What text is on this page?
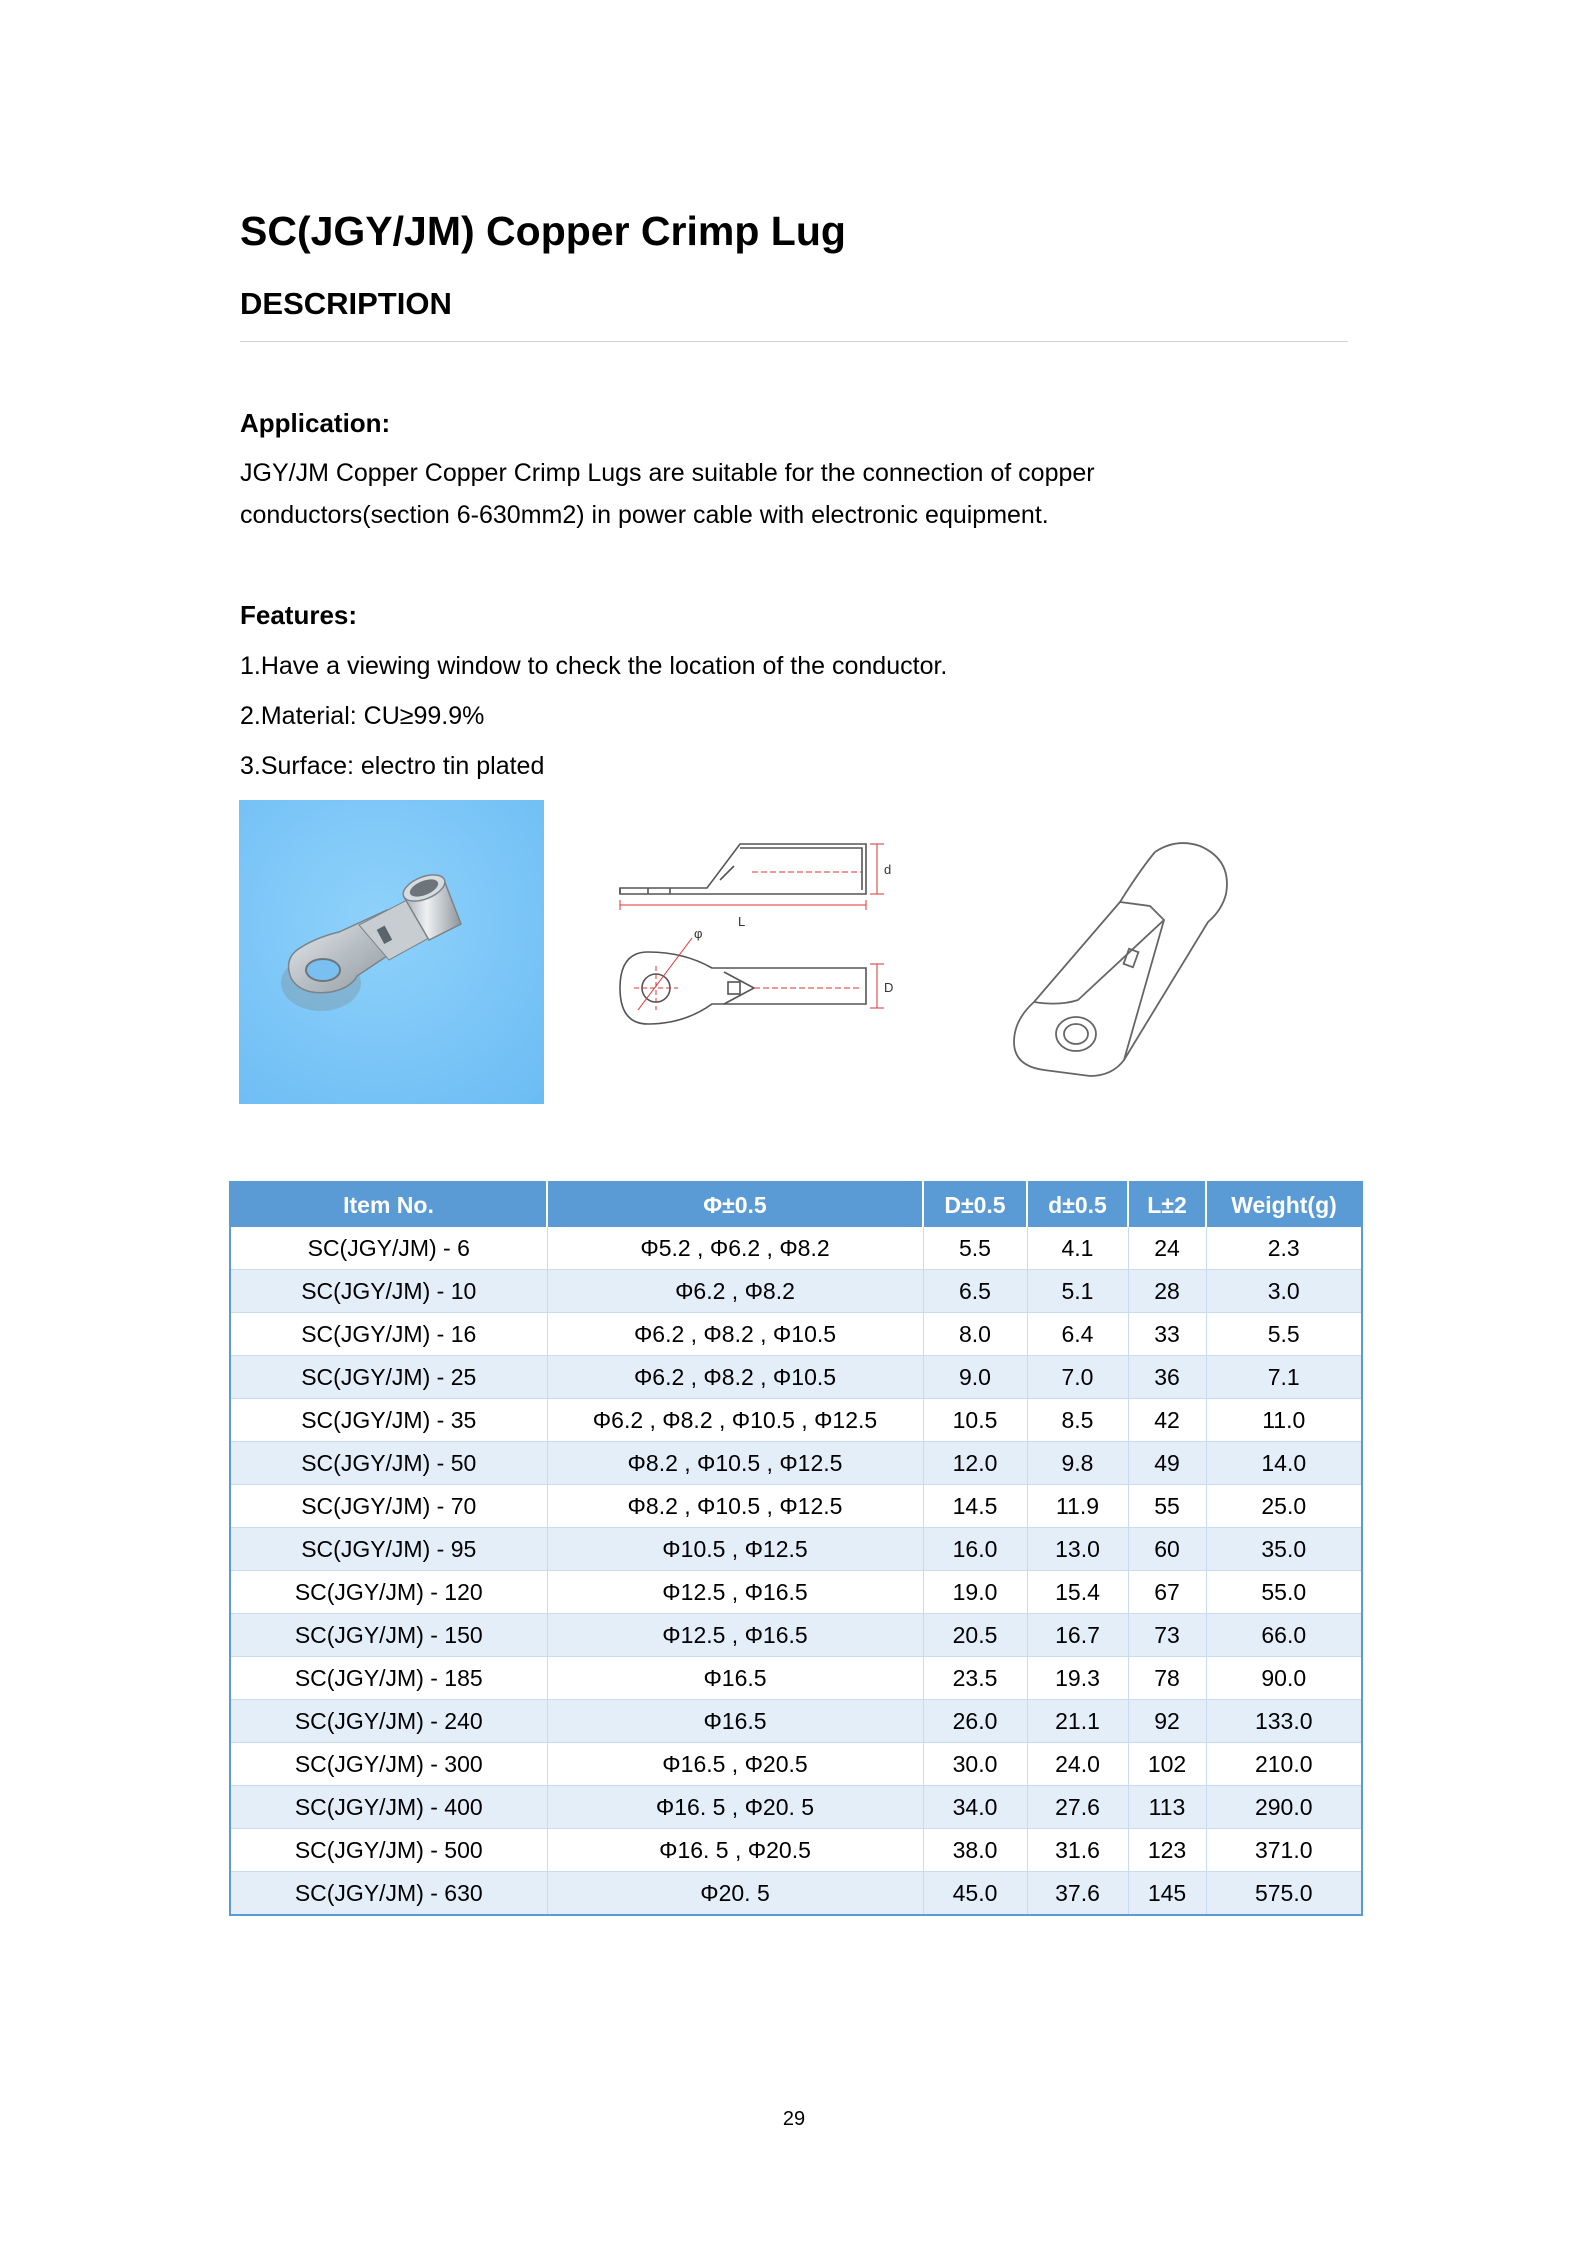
SC(JGY/JM) Copper Crimp Lug
DESCRIPTION
Application:
JGY/JM Copper Copper Crimp Lugs are suitable for the connection of copper
conductors(section 6-630mm2) in power cable with electronic equipment.
Features:
1.Have a viewing window to check the location of the conductor.
2.Material: CU≥99.9%
3.Surface: electro tin plated
L
d
φ
D
Item No.	Φ±0.5	D±0.5	d±0.5	L±2	Weight(g)
SC(JGY/JM) - 6	Φ5.2 , Φ6.2 , Φ8.2	5.5	4.1	24	2.3
SC(JGY/JM) - 10	Φ6.2 , Φ8.2	6.5	5.1	28	3.0
SC(JGY/JM) - 16	Φ6.2 , Φ8.2 , Φ10.5	8.0	6.4	33	5.5
SC(JGY/JM) - 25	Φ6.2 , Φ8.2 , Φ10.5	9.0	7.0	36	7.1
SC(JGY/JM) - 35	Φ6.2 , Φ8.2 , Φ10.5 , Φ12.5	10.5	8.5	42	11.0
SC(JGY/JM) - 50	Φ8.2 , Φ10.5 , Φ12.5	12.0	9.8	49	14.0
SC(JGY/JM) - 70	Φ8.2 , Φ10.5 , Φ12.5	14.5	11.9	55	25.0
SC(JGY/JM) - 95	Φ10.5 , Φ12.5	16.0	13.0	60	35.0
SC(JGY/JM) - 120	Φ12.5 , Φ16.5	19.0	15.4	67	55.0
SC(JGY/JM) - 150	Φ12.5 , Φ16.5	20.5	16.7	73	66.0
SC(JGY/JM) - 185	Φ16.5	23.5	19.3	78	90.0
SC(JGY/JM) - 240	Φ16.5	26.0	21.1	92	133.0
SC(JGY/JM) - 300	Φ16.5 , Φ20.5	30.0	24.0	102	210.0
SC(JGY/JM) - 400	Φ16. 5 , Φ20. 5	34.0	27.6	113	290.0
SC(JGY/JM) - 500	Φ16. 5 , Φ20.5	38.0	31.6	123	371.0
SC(JGY/JM) - 630	Φ20. 5	45.0	37.6	145	575.0
29
